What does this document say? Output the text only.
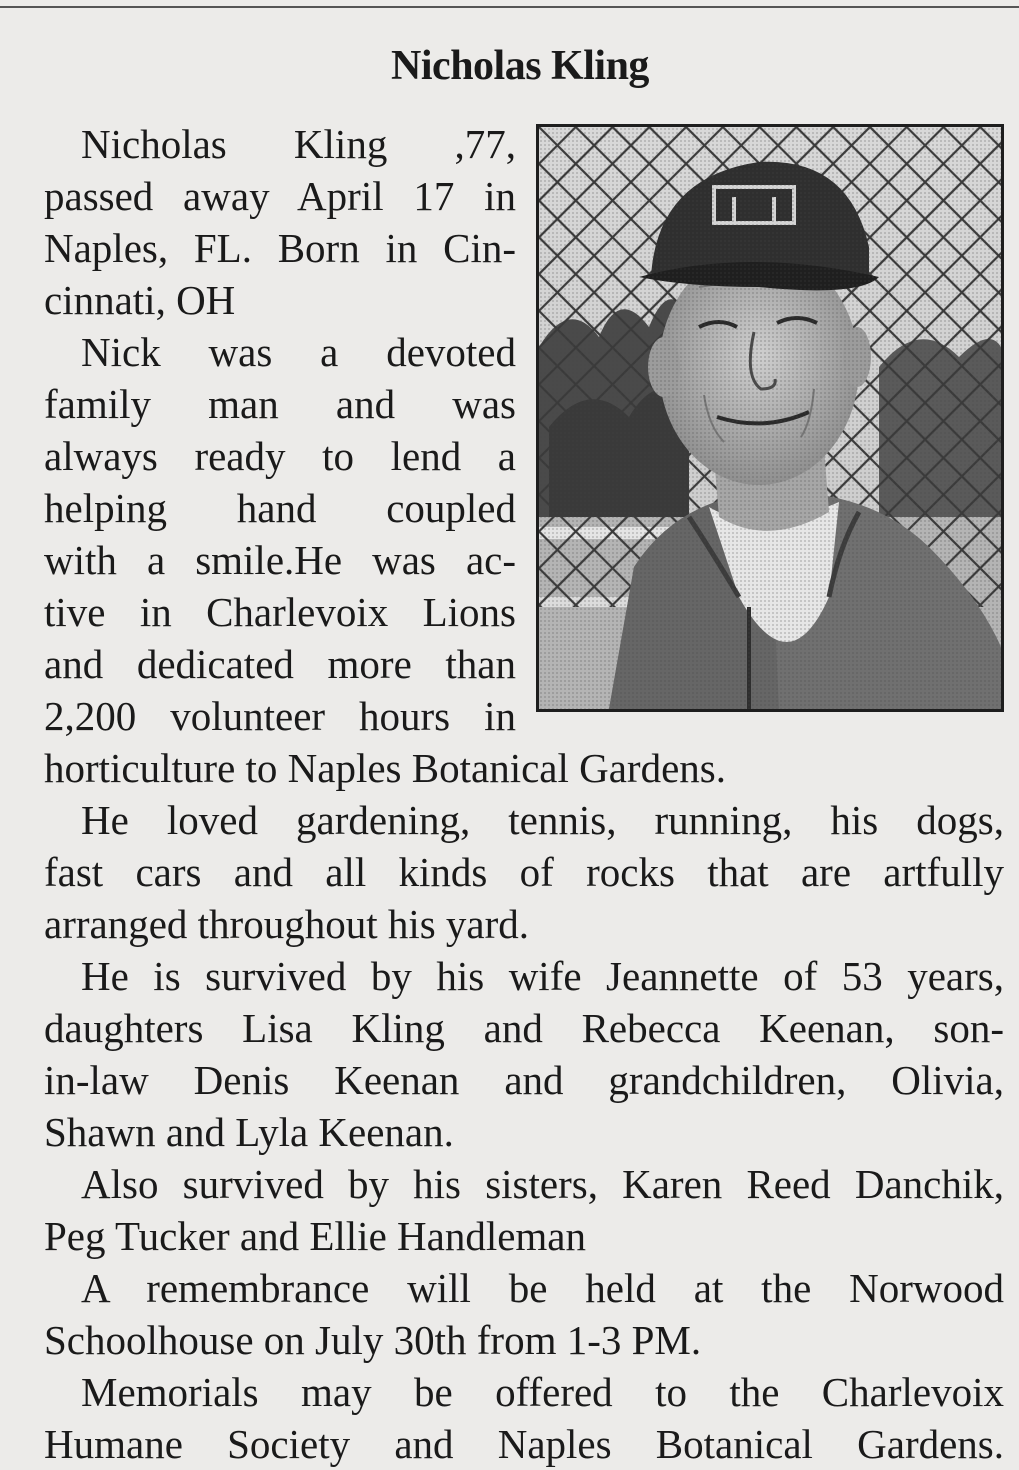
Nicholas Kling
Nicholas Kling ,77,
passed away April 17 in
Naples, FL. Born in Cin-
cinnati, OH
Nick was a devoted
family man and was
always ready to lend a
helping hand coupled
with a smile.He was ac-
tive in Charlevoix Lions
and dedicated more than
2,200 volunteer hours in
horticulture to Naples Botanical Gardens.
He loved gardening, tennis, running, his dogs,
fast cars and all kinds of rocks that are artfully
arranged throughout his yard.
He is survived by his wife Jeannette of 53 years,
daughters Lisa Kling and Rebecca Keenan, son-
in-law Denis Keenan and grandchildren, Olivia,
Shawn and Lyla Keenan.
Also survived by his sisters, Karen Reed Danchik,
Peg Tucker and Ellie Handleman
A remembrance will be held at the Norwood
Schoolhouse on July 30th from 1-3 PM.
Memorials may be offered to the Charlevoix
Humane Society and Naples Botanical Gardens.
